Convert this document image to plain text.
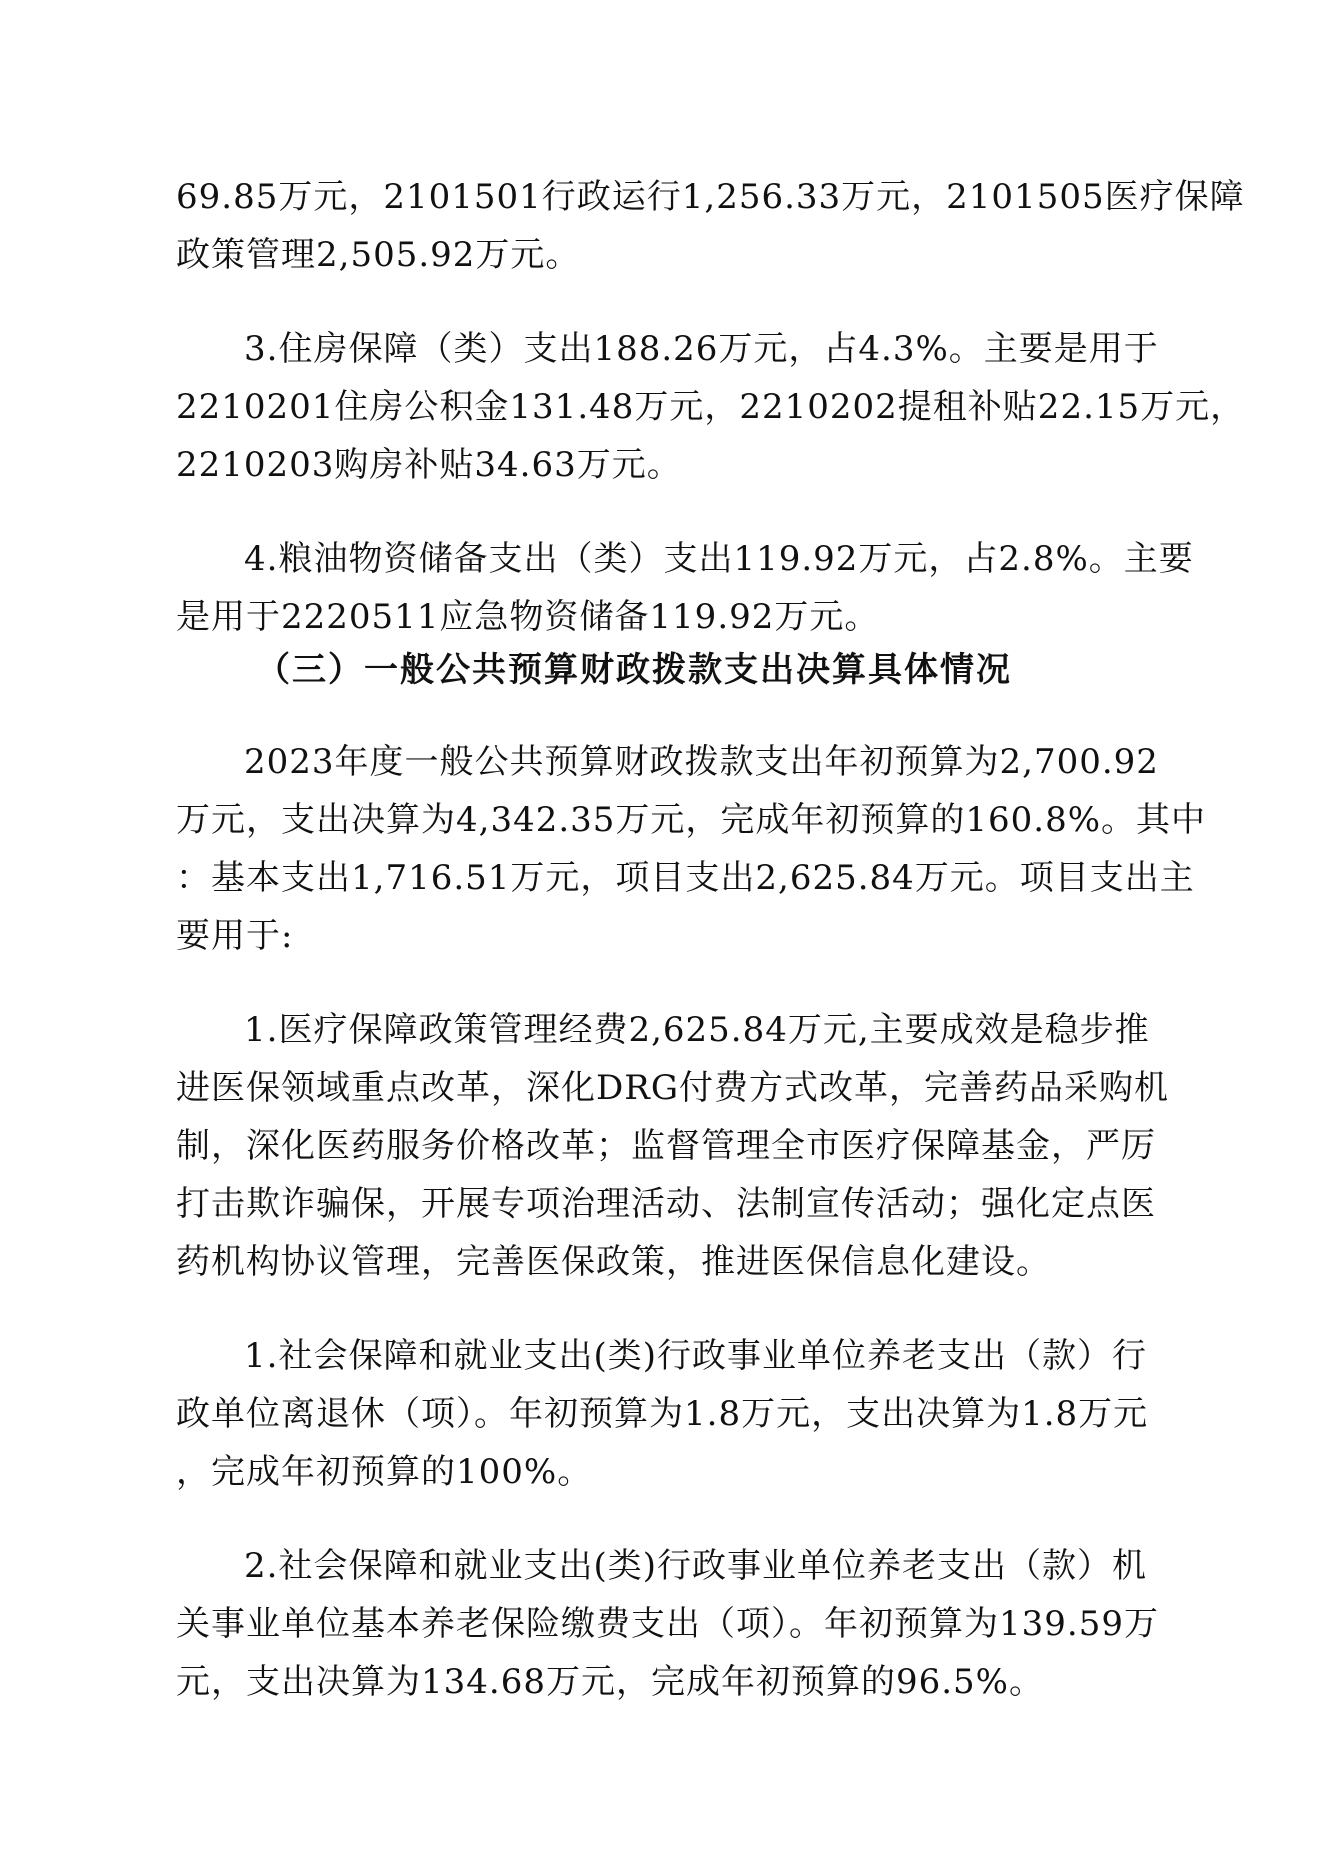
69.85万元，2101501行政运行1,256.33万元，2101505医疗保障
政策管理2,505.92万元。
3.住房保障（类）支出188.26万元，占4.3%。主要是用于
2210201住房公积金131.48万元，2210202提租补贴22.15万元，
2210203购房补贴34.63万元。
4.粮油物资储备支出（类）支出119.92万元，占2.8%。主要
是用于2220511应急物资储备119.92万元。
（三）一般公共预算财政拨款支出决算具体情况
2023年度一般公共预算财政拨款支出年初预算为2,700.92
万元，支出决算为4,342.35万元，完成年初预算的160.8%。其中
：基本支出1,716.51万元，项目支出2,625.84万元。项目支出主
要用于:
1.医疗保障政策管理经费2,625.84万元,主要成效是稳步推
进医保领域重点改革，深化DRG付费方式改革，完善药品采购机
制，深化医药服务价格改革；监督管理全市医疗保障基金，严厉
打击欺诈骗保，开展专项治理活动、法制宣传活动；强化定点医
药机构协议管理，完善医保政策，推进医保信息化建设。
1.社会保障和就业支出(类)行政事业单位养老支出（款）行
政单位离退休（项）。年初预算为1.8万元，支出决算为1.8万元
，完成年初预算的100%。
2.社会保障和就业支出(类)行政事业单位养老支出（款）机
关事业单位基本养老保险缴费支出（项）。年初预算为139.59万
元，支出决算为134.68万元，完成年初预算的96.5%。
